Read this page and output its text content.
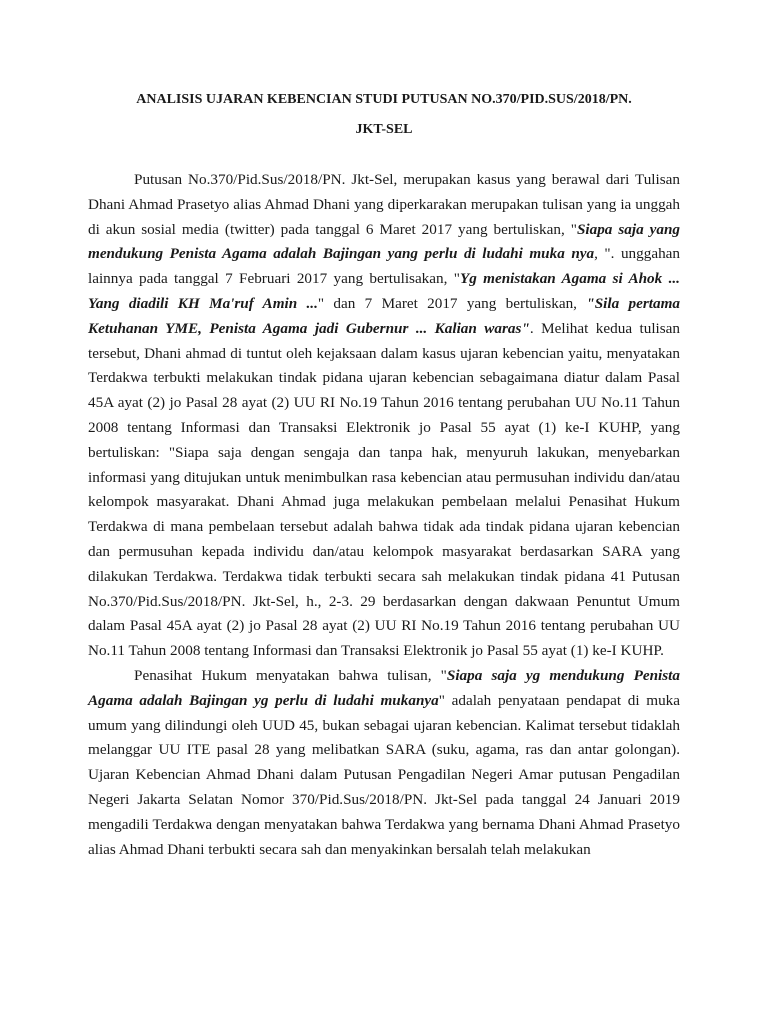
ANALISIS UJARAN KEBENCIAN STUDI PUTUSAN NO.370/PID.SUS/2018/PN.
JKT-SEL

Putusan No.370/Pid.Sus/2018/PN. Jkt-Sel, merupakan kasus yang berawal dari Tulisan Dhani Ahmad Prasetyo alias Ahmad Dhani yang diperkarakan merupakan tulisan yang ia unggah di akun sosial media (twitter) pada tanggal 6 Maret 2017 yang bertuliskan, "Siapa saja yang mendukung Penista Agama adalah Bajingan yang perlu di ludahi muka nya, ". unggahan lainnya pada tanggal 7 Februari 2017 yang bertulisakan, "Yg menistakan Agama si Ahok ... Yang diadili KH Ma'ruf Amin ..." dan 7 Maret 2017 yang bertuliskan, "Sila pertama Ketuhanan YME, Penista Agama jadi Gubernur ... Kalian waras". Melihat kedua tulisan tersebut, Dhani ahmad di tuntut oleh kejaksaan dalam kasus ujaran kebencian yaitu, menyatakan Terdakwa terbukti melakukan tindak pidana ujaran kebencian sebagaimana diatur dalam Pasal 45A ayat (2) jo Pasal 28 ayat (2) UU RI No.19 Tahun 2016 tentang perubahan UU No.11 Tahun 2008 tentang Informasi dan Transaksi Elektronik jo Pasal 55 ayat (1) ke-I KUHP, yang bertuliskan: "Siapa saja dengan sengaja dan tanpa hak, menyuruh lakukan, menyebarkan informasi yang ditujukan untuk menimbulkan rasa kebencian atau permusuhan individu dan/atau kelompok masyarakat. Dhani Ahmad juga melakukan pembelaan melalui Penasihat Hukum Terdakwa di mana pembelaan tersebut adalah bahwa tidak ada tindak pidana ujaran kebencian dan permusuhan kepada individu dan/atau kelompok masyarakat berdasarkan SARA yang dilakukan Terdakwa. Terdakwa tidak terbukti secara sah melakukan tindak pidana 41 Putusan No.370/Pid.Sus/2018/PN. Jkt-Sel, h., 2-3. 29 berdasarkan dengan dakwaan Penuntut Umum dalam Pasal 45A ayat (2) jo Pasal 28 ayat (2) UU RI No.19 Tahun 2016 tentang perubahan UU No.11 Tahun 2008 tentang Informasi dan Transaksi Elektronik jo Pasal 55 ayat (1) ke-I KUHP.

Penasihat Hukum menyatakan bahwa tulisan, "Siapa saja yg mendukung Penista Agama adalah Bajingan yg perlu di ludahi mukanya" adalah penyataan pendapat di muka umum yang dilindungi oleh UUD 45, bukan sebagai ujaran kebencian. Kalimat tersebut tidaklah melanggar UU ITE pasal 28 yang melibatkan SARA (suku, agama, ras dan antar golongan). Ujaran Kebencian Ahmad Dhani dalam Putusan Pengadilan Negeri Amar putusan Pengadilan Negeri Jakarta Selatan Nomor 370/Pid.Sus/2018/PN. Jkt-Sel pada tanggal 24 Januari 2019 mengadili Terdakwa dengan menyatakan bahwa Terdakwa yang bernama Dhani Ahmad Prasetyo alias Ahmad Dhani terbukti secara sah dan menyakinkan bersalah telah melakukan
